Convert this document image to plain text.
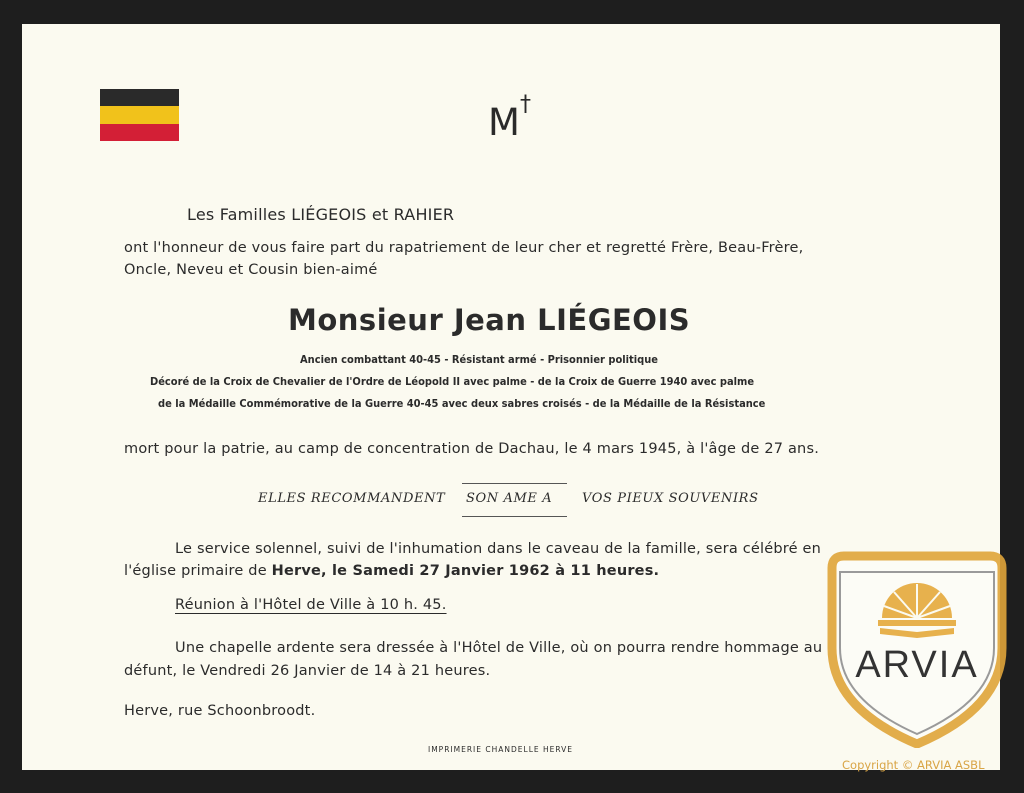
M †
Les Familles LIÉGEOIS et RAHIER
ont l'honneur de vous faire part du rapatriement de leur cher et regretté Frère, Beau-Frère,
Oncle, Neveu et Cousin bien-aimé
Monsieur Jean LIÉGEOIS
Ancien combattant 40-45 - Résistant armé - Prisonnier politique
Décoré de la Croix de Chevalier de l'Ordre de Léopold II avec palme - de la Croix de Guerre 1940 avec palme
de la Médaille Commémorative de la Guerre 40-45 avec deux sabres croisés - de la Médaille de la Résistance
mort pour la patrie, au camp de concentration de Dachau, le 4 mars 1945, à l'âge de 27 ans.
ELLES RECOMMANDENT SON AME A VOS PIEUX SOUVENIRS
Le service solennel, suivi de l'inhumation dans le caveau de la famille, sera célébré en
l'église primaire de Herve, le Samedi 27 Janvier 1962 à 11 heures.
Réunion à l'Hôtel de Ville à 10 h. 45.
Une chapelle ardente sera dressée à l'Hôtel de Ville, où on pourra rendre hommage au
défunt, le Vendredi 26 Janvier de 14 à 21 heures.
Herve, rue Schoonbroodt.
IMPRIMERIE CHANDELLE HERVE
ARVIA
Copyright © ARVIA ASBL
